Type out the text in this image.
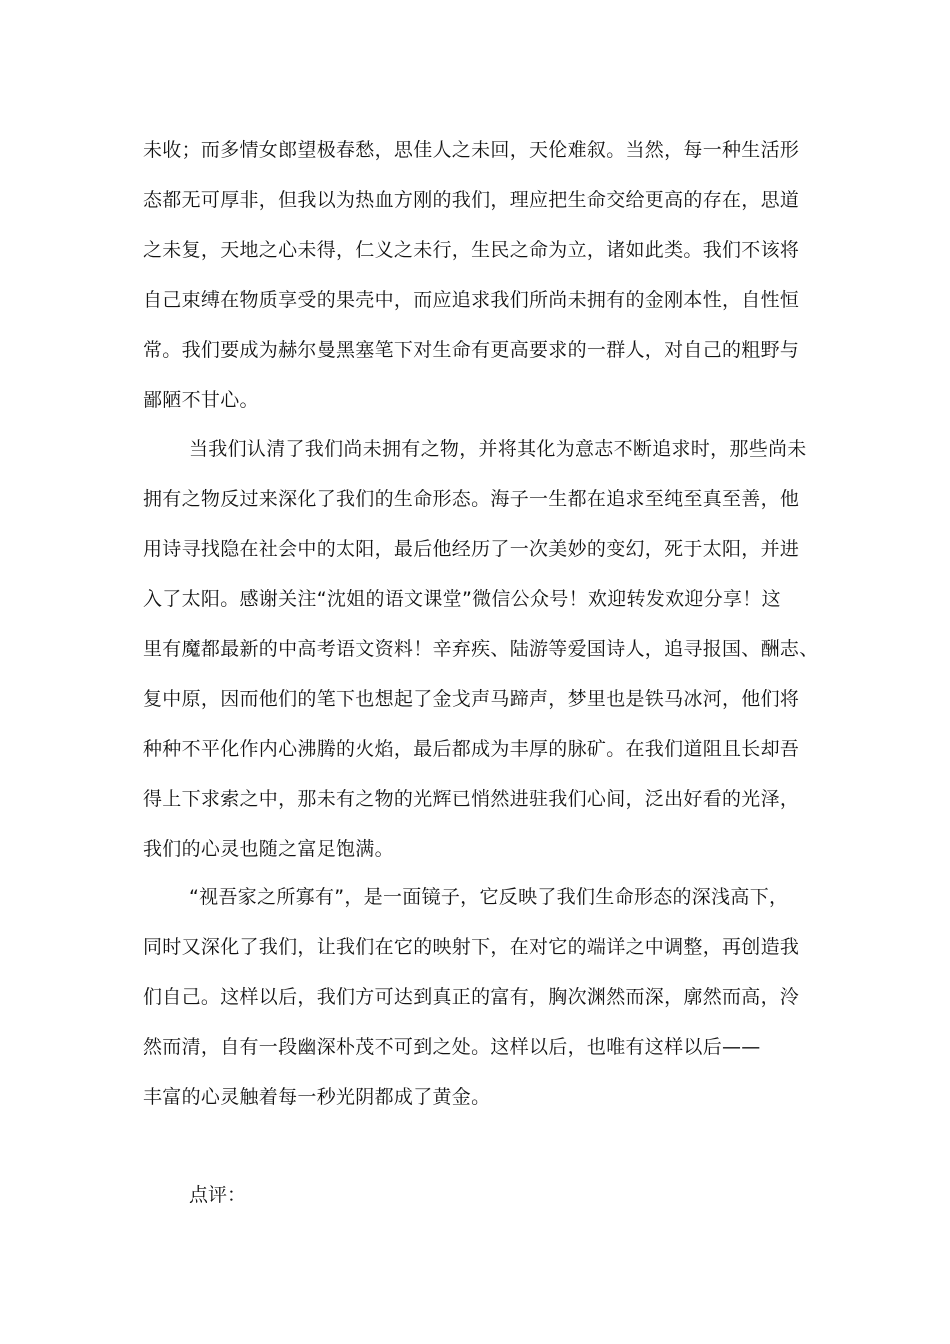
未收；而多情女郎望极春愁，思佳人之未回，天伦难叙。当然，每一种生活形
态都无可厚非，但我以为热血方刚的我们，理应把生命交给更高的存在，思道
之未复，天地之心未得，仁义之未行，生民之命为立，诸如此类。我们不该将
自己束缚在物质享受的果壳中，而应追求我们所尚未拥有的金刚本性，自性恒
常。我们要成为赫尔曼黑塞笔下对生命有更高要求的一群人，对自己的粗野与
鄙陋不甘心。
当我们认清了我们尚未拥有之物，并将其化为意志不断追求时，那些尚未
拥有之物反过来深化了我们的生命形态。海子一生都在追求至纯至真至善，他
用诗寻找隐在社会中的太阳，最后他经历了一次美妙的变幻，死于太阳，并进
入了太阳。感谢关注“沈姐的语文课堂”微信公众号！欢迎转发欢迎分享！这
里有魔都最新的中高考语文资料！辛弃疾、陆游等爱国诗人，追寻报国、酬志、
复中原，因而他们的笔下也想起了金戈声马蹄声，梦里也是铁马冰河，他们将
种种不平化作内心沸腾的火焰，最后都成为丰厚的脉矿。在我们道阻且长却吾
得上下求索之中，那未有之物的光辉已悄然进驻我们心间，泛出好看的光泽，
我们的心灵也随之富足饱满。
“视吾家之所寡有”，是一面镜子，它反映了我们生命形态的深浅高下，
同时又深化了我们，让我们在它的映射下，在对它的端详之中调整，再创造我
们自己。这样以后，我们方可达到真正的富有，胸次渊然而深，廓然而高，泠
然而清，自有一段幽深朴茂不可到之处。这样以后，也唯有这样以后——
丰富的心灵触着每一秒光阴都成了黄金。
点评：
